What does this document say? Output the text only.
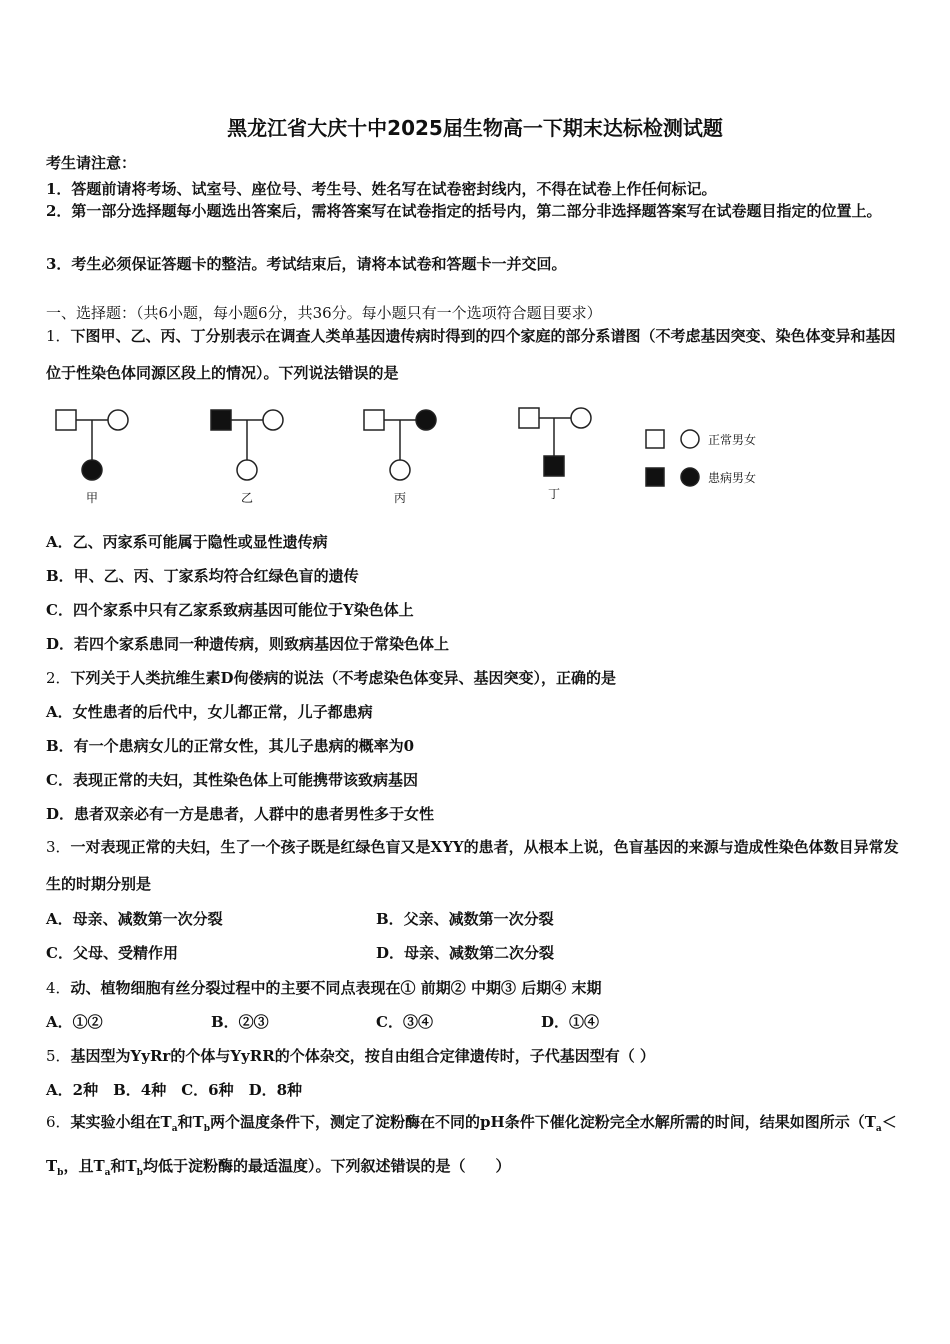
黑龙江省大庆十中2025届生物高一下期末达标检测试题
考生请注意：
1．答题前请将考场、试室号、座位号、考生号、姓名写在试卷密封线内，不得在试卷上作任何标记。
2．第一部分选择题每小题选出答案后，需将答案写在试卷指定的括号内，第二部分非选择题答案写在试卷题目指定的位置上。
3．考生必须保证答题卡的整洁。考试结束后，请将本试卷和答题卡一并交回。
一、选择题：（共6小题，每小题6分，共36分。每小题只有一个选项符合题目要求）
1．下图甲、乙、丙、丁分别表示在调查人类单基因遗传病时得到的四个家庭的部分系谱图（不考虑基因突变、染色体变异和基因位于性染色体同源区段上的情况）。下列说法错误的是
甲	乙	丙	丁
正常男女
患病男女
A．乙、丙家系可能属于隐性或显性遗传病
B．甲、乙、丙、丁家系均符合红绿色盲的遗传
C．四个家系中只有乙家系致病基因可能位于Y染色体上
D．若四个家系患同一种遗传病，则致病基因位于常染色体上
2．下列关于人类抗维生素D佝偻病的说法（不考虑染色体变异、基因突变），正确的是
A．女性患者的后代中，女儿都正常，儿子都患病
B．有一个患病女儿的正常女性，其儿子患病的概率为0
C．表现正常的夫妇，其性染色体上可能携带该致病基因
D．患者双亲必有一方是患者，人群中的患者男性多于女性
3．一对表现正常的夫妇，生了一个孩子既是红绿色盲又是XYY的患者，从根本上说，色盲基因的来源与造成性染色体数目异常发生的时期分别是
A．母亲、减数第一次分裂	B．父亲、减数第一次分裂
C．父母、受精作用	D．母亲、减数第二次分裂
4．动、植物细胞有丝分裂过程中的主要不同点表现在① 前期② 中期③ 后期④ 末期
A．①②	B．②③	C．③④	D．①④
5．基因型为YyRr的个体与YyRR的个体杂交，按自由组合定律遗传时，子代基因型有（ ）
A．2种　B．4种　C．6种　D．8种
6．某实验小组在$T_a$和$T_b$两个温度条件下，测定了淀粉酶在不同的pH条件下催化淀粉完全水解所需的时间，结果如图所示（$T_a<T_b$，且$T_a$和$T_b$均低于淀粉酶的最适温度）。下列叙述错误的是（　　）
